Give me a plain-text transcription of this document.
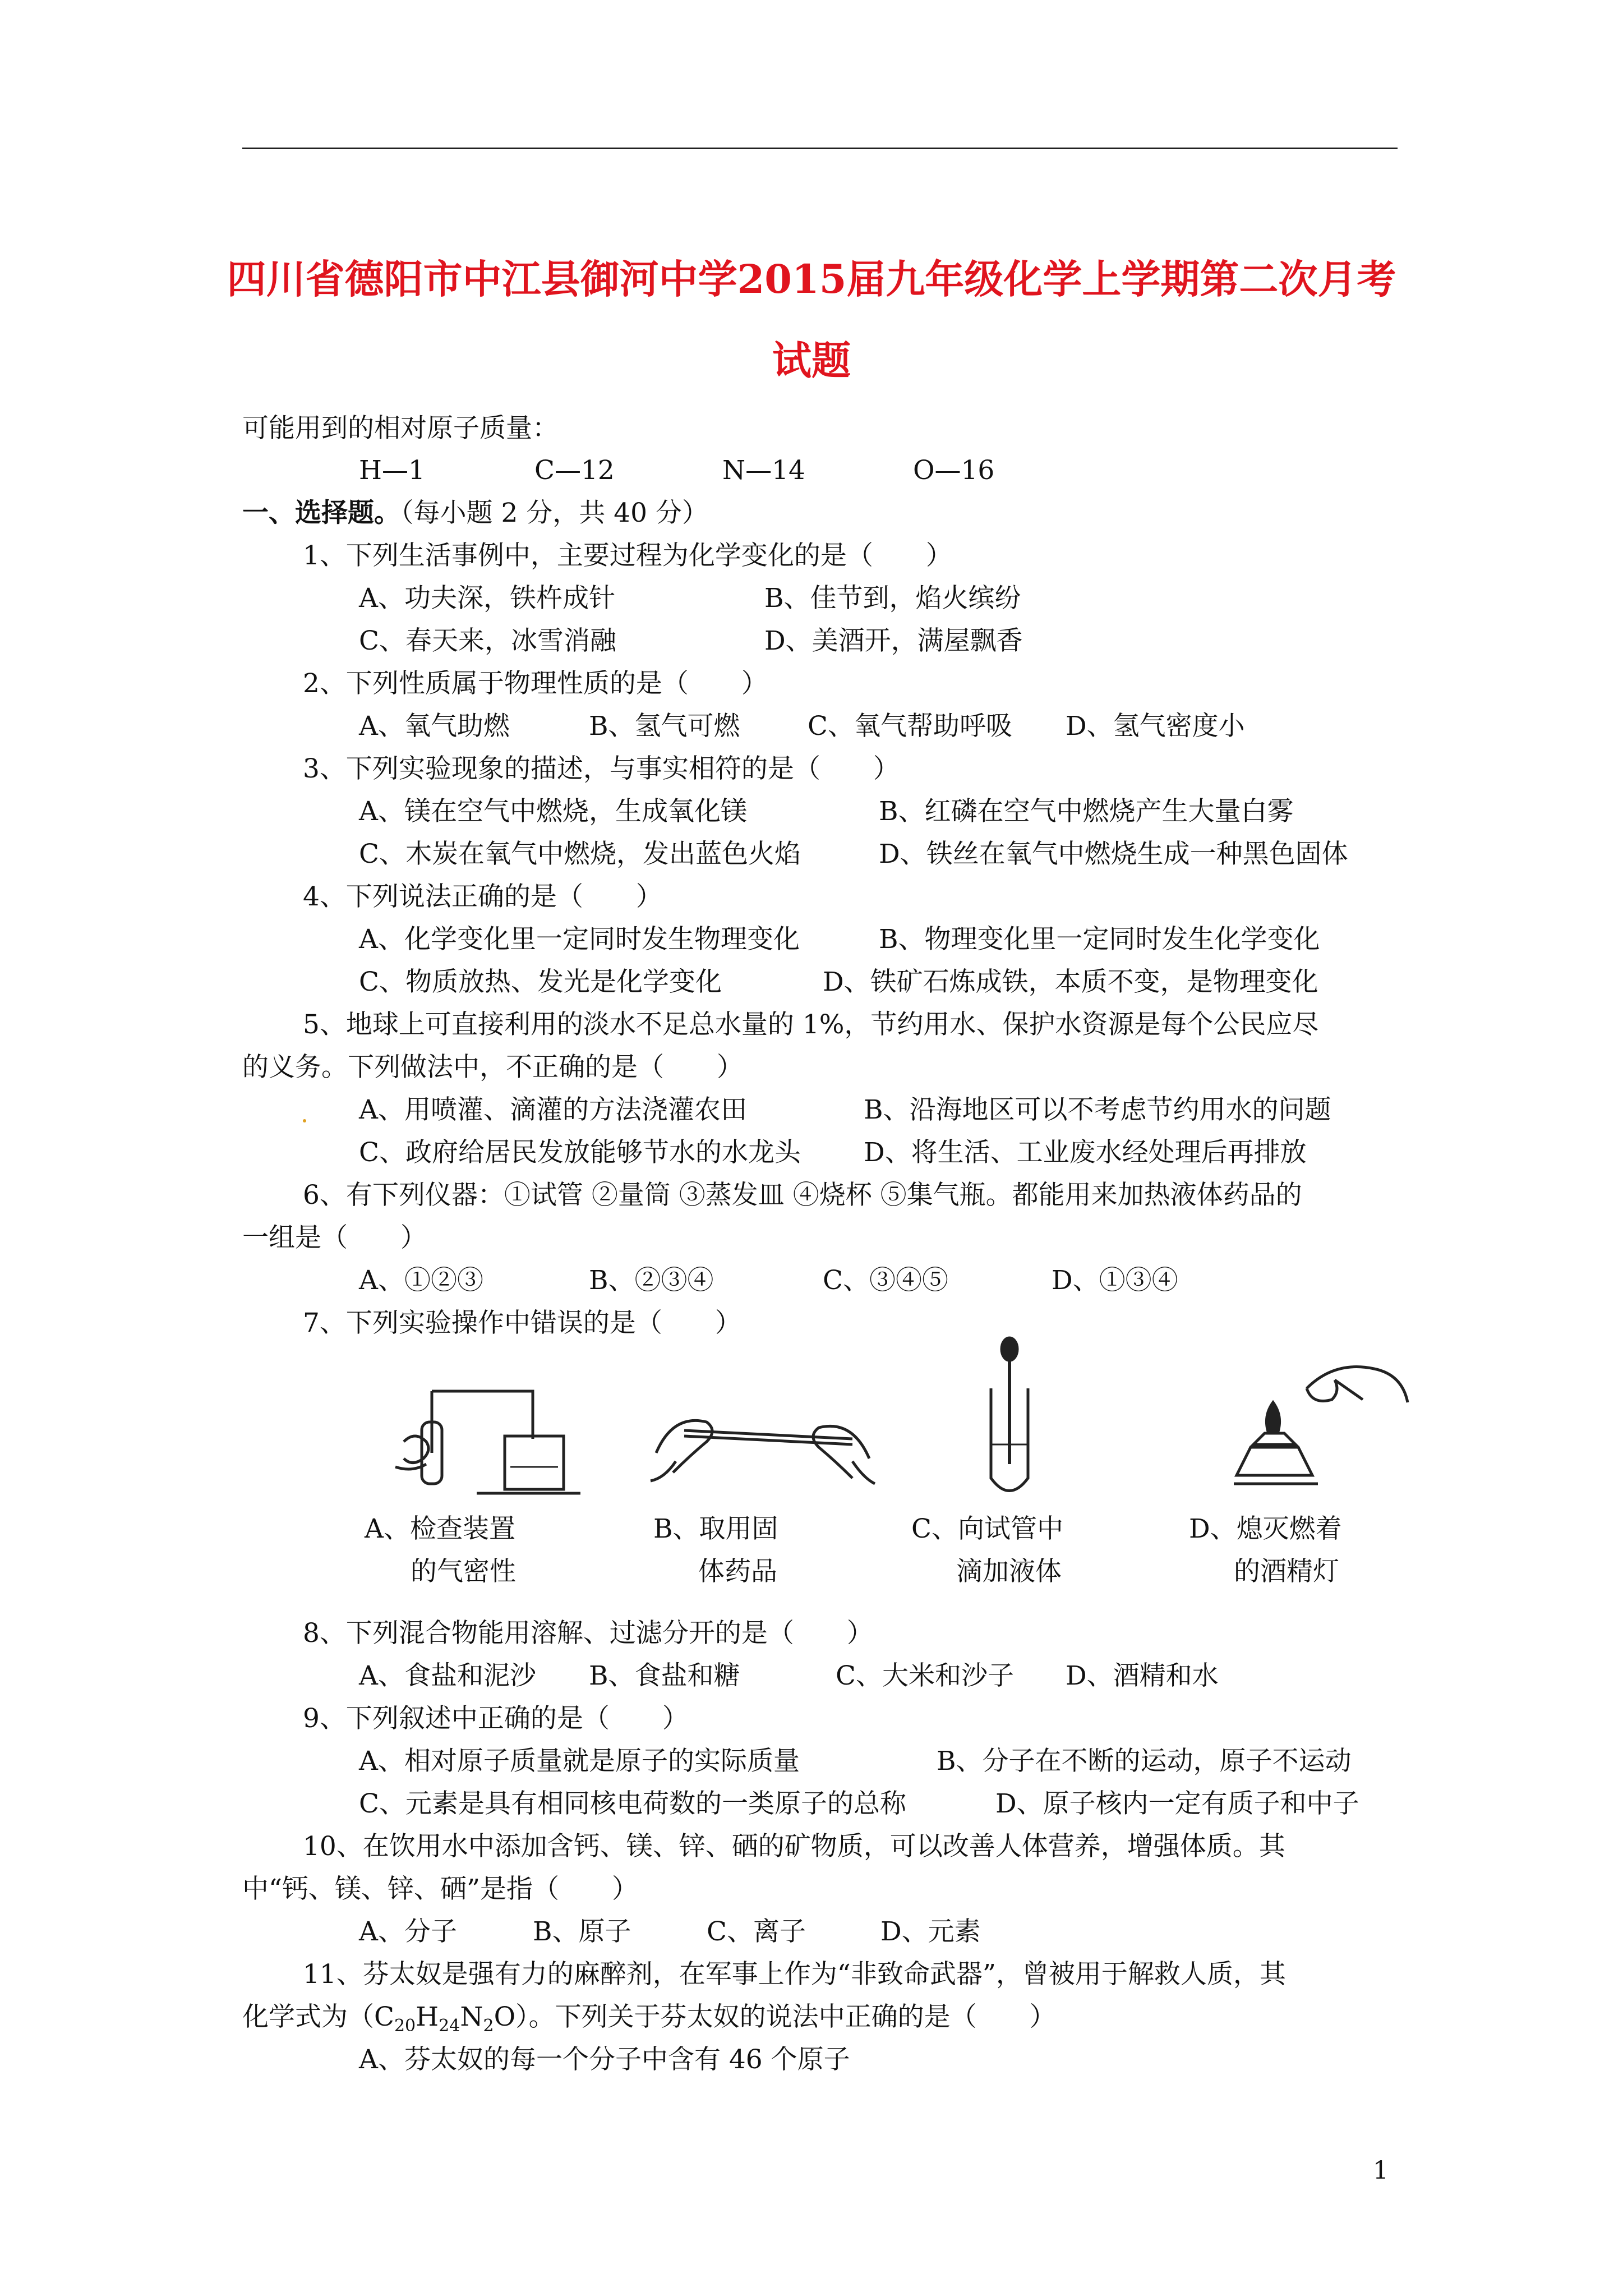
四川省德阳市中江县御河中学2015届九年级化学上学期第二次月考
试题
可能用到的相对原子质量：
H—1	C—12	N—14	O—16
一、选择题。（每小题 2 分，共 40 分）
1、下列生活事例中，主要过程为化学变化的是（　　）
A、功夫深，铁杵成针	B、佳节到，焰火缤纷
C、春天来，冰雪消融	D、美酒开，满屋飘香
2、下列性质属于物理性质的是（　　）
A、氧气助燃	B、氢气可燃	C、氧气帮助呼吸 D、氢气密度小
3、下列实验现象的描述，与事实相符的是（　　）
A、镁在空气中燃烧，生成氧化镁	B、红磷在空气中燃烧产生大量白雾
C、木炭在氧气中燃烧，发出蓝色火焰	D、铁丝在氧气中燃烧生成一种黑色固体
4、下列说法正确的是（　　）
A、化学变化里一定同时发生物理变化	B、物理变化里一定同时发生化学变化
C、物质放热、发光是化学变化	D、铁矿石炼成铁，本质不变，是物理变化
5、地球上可直接利用的淡水不足总水量的 1%，节约用水、保护水资源是每个公民应尽
的义务。下列做法中，不正确的是（　　）
A、用喷灌、滴灌的方法浇灌农田	B、沿海地区可以不考虑节约用水的问题
C、政府给居民发放能够节水的水龙头 D、将生活、工业废水经处理后再排放
6、有下列仪器：①试管 ②量筒 ③蒸发皿 ④烧杯 ⑤集气瓶。都能用来加热液体药品的
一组是（　　）
A、①②③	B、②③④	C、③④⑤	D、①③④
7、下列实验操作中错误的是（　　）
A、检查装置
的气密性
B、取用固
体药品
C、向试管中
滴加液体
D、熄灭燃着
的酒精灯
8、下列混合物能用溶解、过滤分开的是（　　）
A、食盐和泥沙 B、食盐和糖	C、大米和沙子 D、酒精和水
9、下列叙述中正确的是（　　）
A、相对原子质量就是原子的实际质量	B、分子在不断的运动，原子不运动
C、元素是具有相同核电荷数的一类原子的总称	D、原子核内一定有质子和中子
10、在饮用水中添加含钙、镁、锌、硒的矿物质，可以改善人体营养，增强体质。其
中“钙、镁、锌、硒”是指（　　）
A、分子	B、原子	C、离子	D、元素
11、芬太奴是强有力的麻醉剂，在军事上作为“非致命武器”，曾被用于解救人质，其
化学式为$(C_{20}H_{24}N_2O)$。下列关于芬太奴的说法中正确的是（　　）
A、芬太奴的每一个分子中含有 46 个原子
1
